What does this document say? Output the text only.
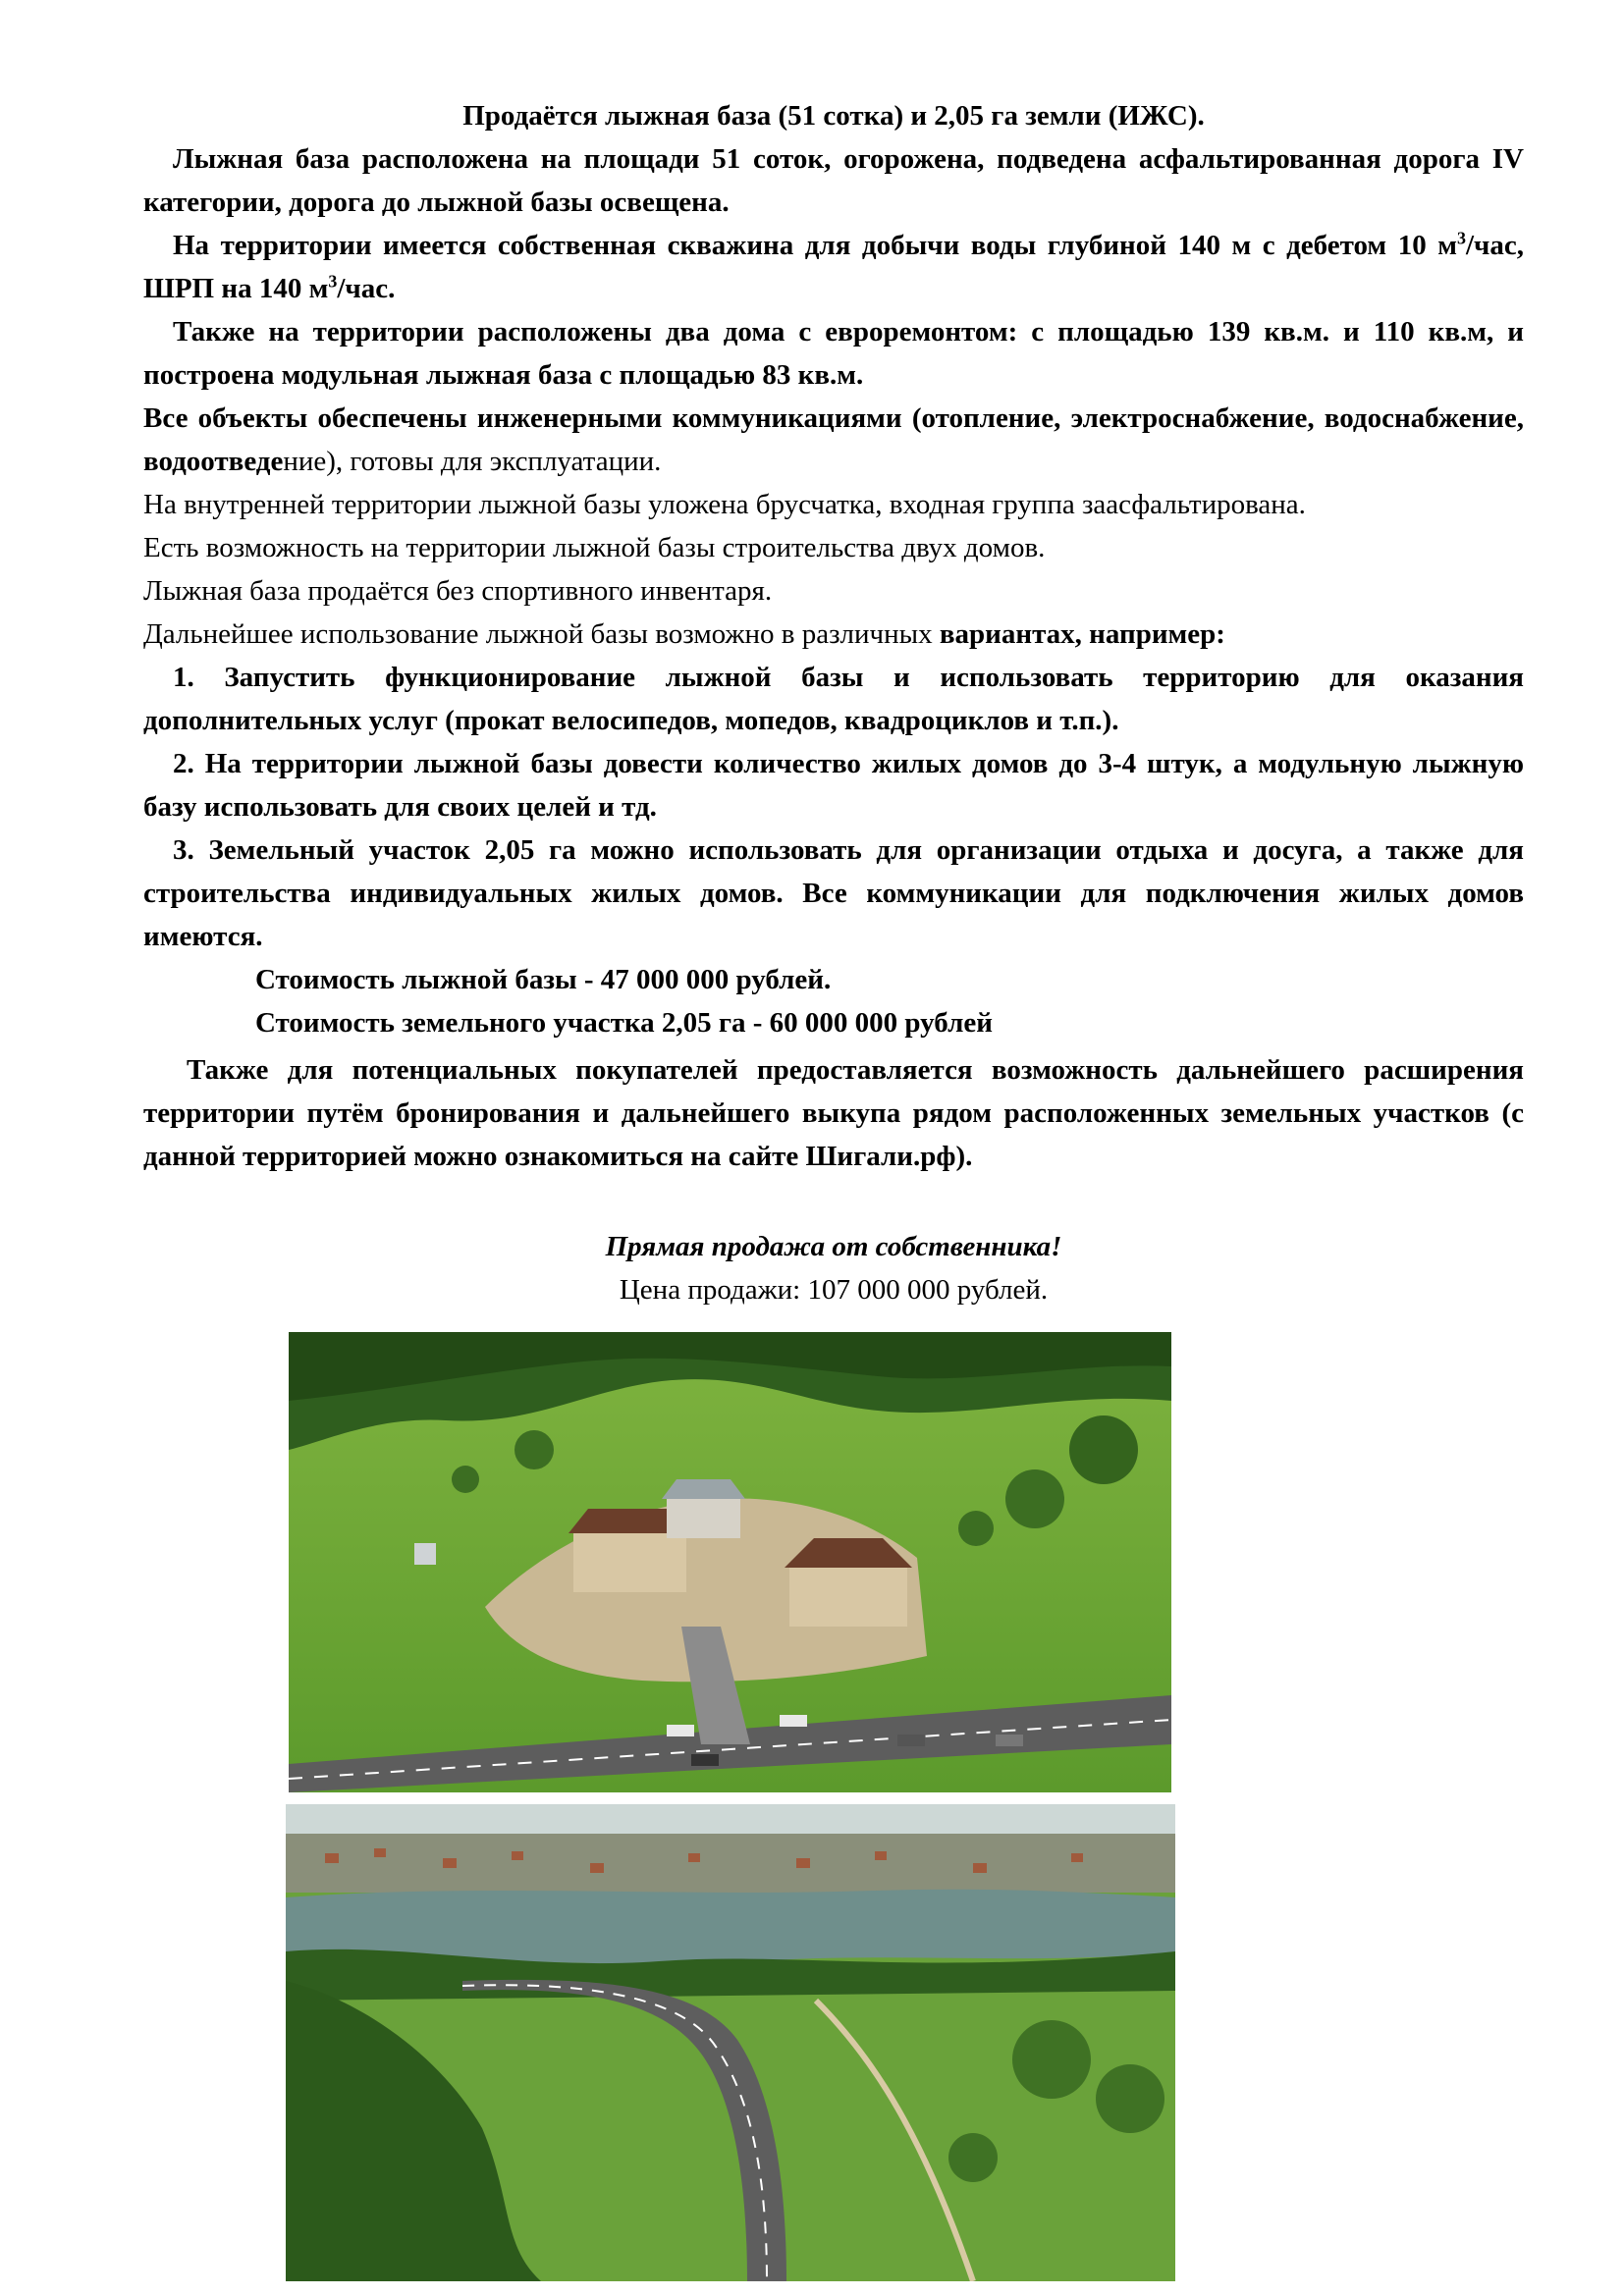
Продаётся лыжная база (51 сотка) и 2,05 га земли (ИЖС).

Лыжная база расположена на площади 51 соток, огорожена, подведена асфальтированная дорога IV категории, дорога до лыжной базы освещена.

На территории имеется собственная скважина для добычи воды глубиной 140 м с дебетом 10 $м^3$/час, ШРП на 140 $м^3$/час.

Также на территории расположены два дома с евроремонтом: с площадью 139 кв.м. и 110 кв.м, и построена модульная лыжная база с площадью 83 кв.м.

Все объекты обеспечены инженерными коммуникациями (отопление, электроснабжение, водоснабжение, водоотведение), готовы для эксплуатации.

На внутренней территории лыжной базы уложена брусчатка, входная группа заасфальтирована.

Есть возможность на территории лыжной базы строительства двух домов.

Лыжная база продаётся без спортивного инвентаря.

Дальнейшее использование лыжной базы возможно в различных вариантах, например:

1. Запустить функционирование лыжной базы и использовать территорию для оказания дополнительных услуг (прокат велосипедов, мопедов, квадроциклов и т.п.).

2. На территории лыжной базы довести количество жилых домов до 3-4 штук, а модульную лыжную базу использовать для своих целей и тд.

3. Земельный участок 2,05 га можно использовать для организации отдыха и досуга, а также для строительства индивидуальных жилых домов. Все коммуникации для подключения жилых домов имеются.

Стоимость лыжной базы - 47 000 000 рублей.

Стоимость земельного участка 2,05 га - 60 000 000 рублей

Также для потенциальных покупателей предоставляется возможность дальнейшего расширения территории путём бронирования и дальнейшего выкупа рядом расположенных земельных участков (с данной территорией можно ознакомиться на сайте Шигали.рф).

Прямая продажа от собственника!

Цена продажи: 107 000 000 рублей.
